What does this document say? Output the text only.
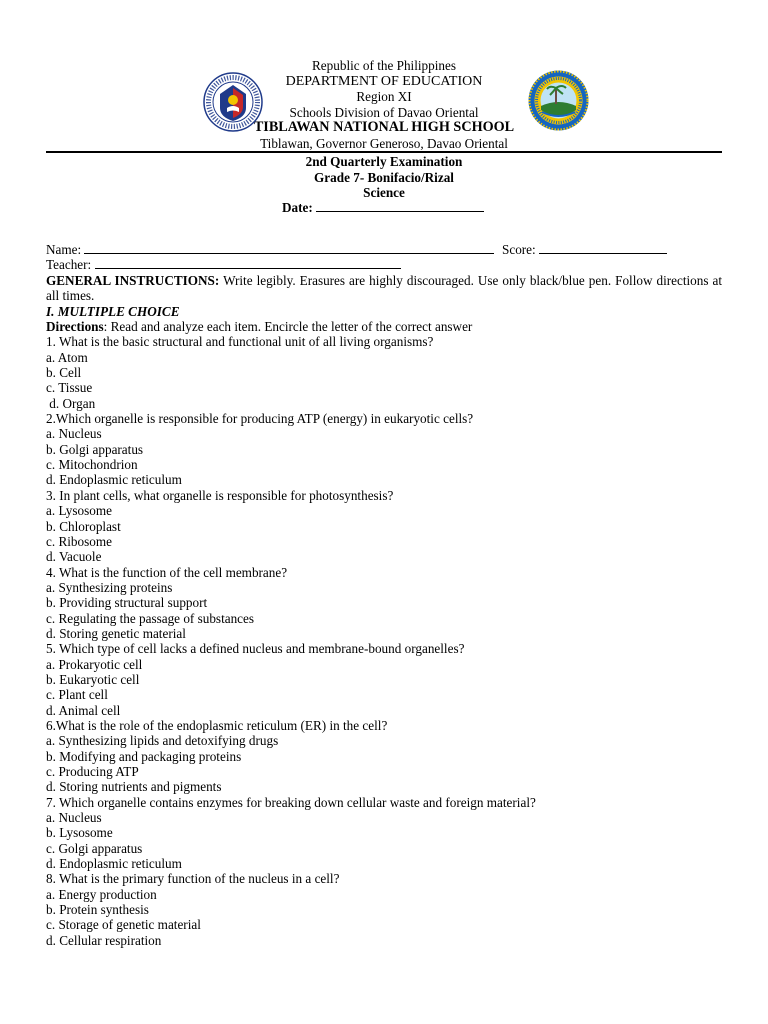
Republic of the Philippines
DEPARTMENT OF EDUCATION
Region XI
Schools Division of Davao Oriental
TIBLAWAN NATIONAL HIGH SCHOOL
Tiblawan, Governor Generoso, Davao Oriental
2nd Quarterly Examination
Grade 7- Bonifacio/Rizal
Science
Date:
Name:	Score:
Teacher:
GENERAL INSTRUCTIONS: Write legibly. Erasures are highly discouraged. Use only black/blue pen. Follow directions at all times.
I. MULTIPLE CHOICE
Directions: Read and analyze each item. Encircle the letter of the correct answer
1. What is the basic structural and functional unit of all living organisms?
a. Atom
b. Cell
c. Tissue
d. Organ
2.Which organelle is responsible for producing ATP (energy) in eukaryotic cells?
a. Nucleus
b. Golgi apparatus
c. Mitochondrion
d. Endoplasmic reticulum
3. In plant cells, what organelle is responsible for photosynthesis?
a. Lysosome
b. Chloroplast
c. Ribosome
d. Vacuole
4. What is the function of the cell membrane?
a. Synthesizing proteins
b. Providing structural support
c. Regulating the passage of substances
d. Storing genetic material
5. Which type of cell lacks a defined nucleus and membrane-bound organelles?
a. Prokaryotic cell
b. Eukaryotic cell
c. Plant cell
d. Animal cell
6.What is the role of the endoplasmic reticulum (ER) in the cell?
a. Synthesizing lipids and detoxifying drugs
b. Modifying and packaging proteins
c. Producing ATP
d. Storing nutrients and pigments
7. Which organelle contains enzymes for breaking down cellular waste and foreign material?
a. Nucleus
b. Lysosome
c. Golgi apparatus
d. Endoplasmic reticulum
8. What is the primary function of the nucleus in a cell?
a. Energy production
b. Protein synthesis
c. Storage of genetic material
d. Cellular respiration
